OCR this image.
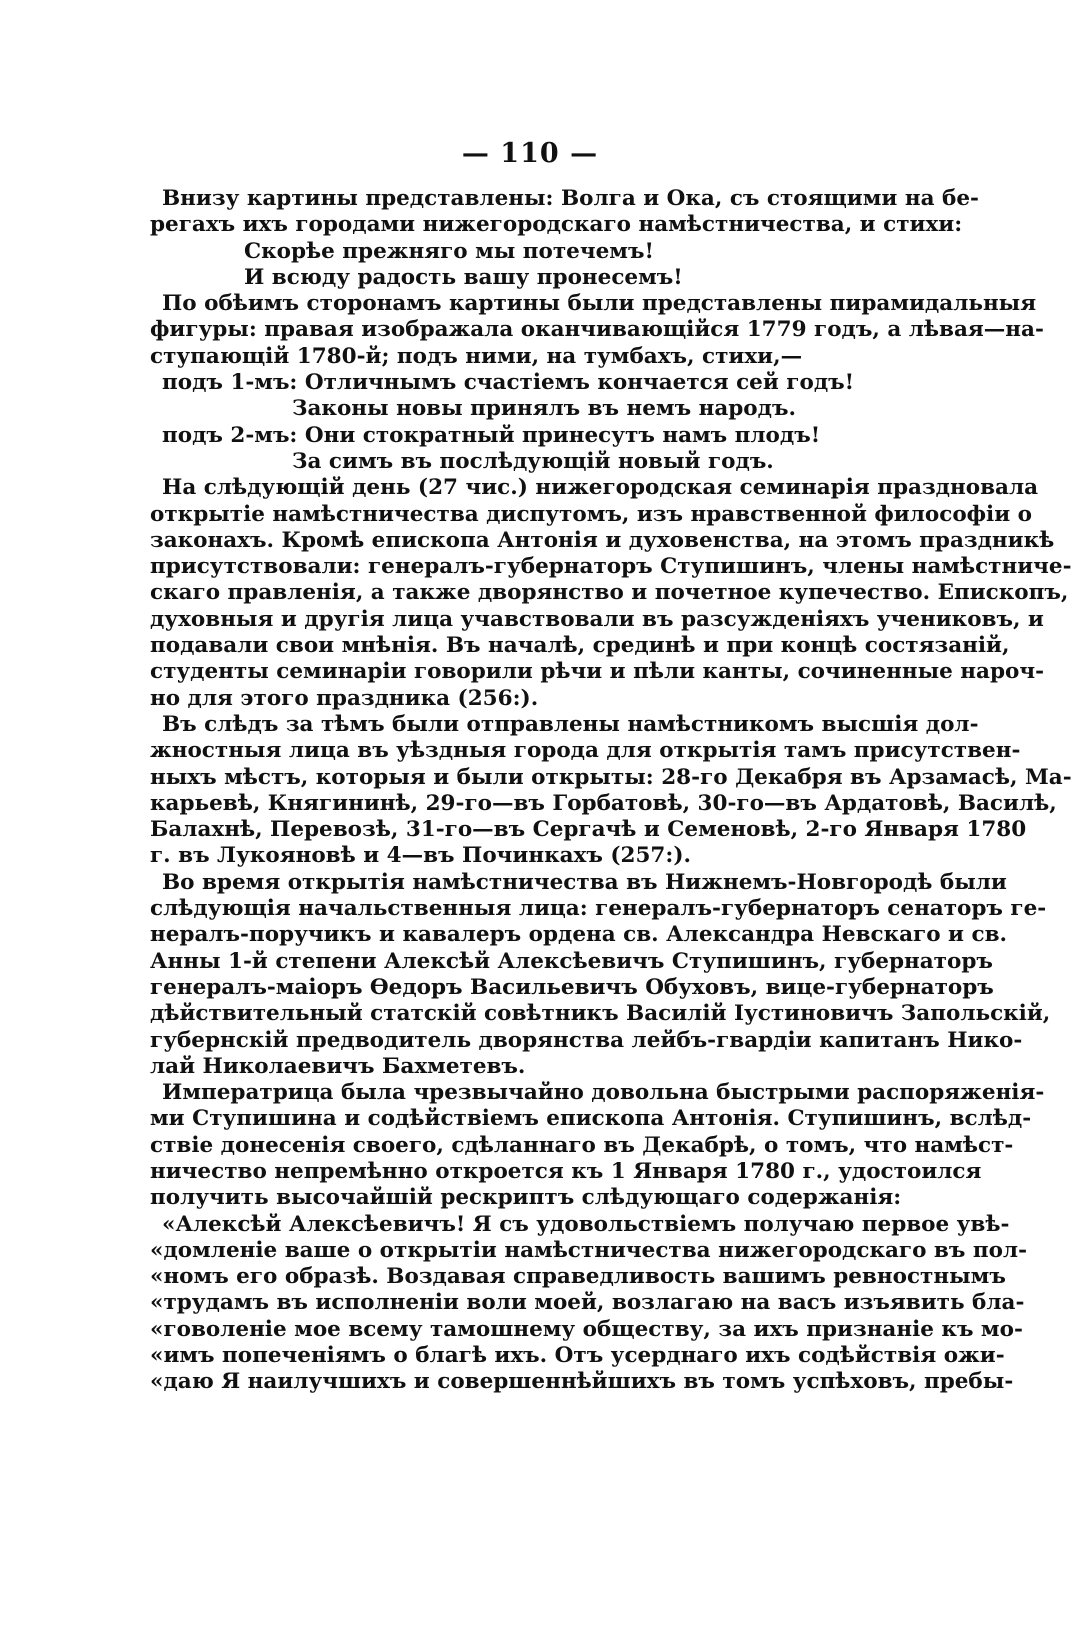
— 110 —
Внизу картины представлены: Волга и Ока, съ стоящими на бе-
регахъ ихъ городами нижегородскаго намѣстничества, и стихи:
Скорѣе прежняго мы потечемъ!
И всюду радость вашу пронесемъ!
По обѣимъ сторонамъ картины были представлены пирамидальныя
фигуры: правая изображала оканчивающійся 1779 годъ, а лѣвая—на-
ступающій 1780-й; подъ ними, на тумбахъ, стихи,—
подъ 1-мъ: Отличнымъ счастіемъ кончается сей годъ!
Законы новы принялъ въ немъ народъ.
подъ 2-мъ: Они стократный принесутъ намъ плодъ!
За симъ въ послѣдующій новый годъ.
На слѣдующій день (27 чис.) нижегородская семинарія праздновала
открытіе намѣстничества диспутомъ, изъ нравственной философіи о
законахъ. Кромѣ епископа Антонія и духовенства, на этомъ праздникѣ
присутствовали: генералъ-губернаторъ Ступишинъ, члены намѣстниче-
скаго правленія, а также дворянство и почетное купечество. Епископъ,
духовныя и другія лица учавствовали въ разсужденіяхъ учениковъ, и
подавали свои мнѣнія. Въ началѣ, срединѣ и при концѣ состязаній,
студенты семинаріи говорили рѣчи и пѣли канты, сочиненные нароч-
но для этого праздника (256:).
Въ слѣдъ за тѣмъ были отправлены намѣстникомъ высшія дол-
жностныя лица въ уѣздныя города для открытія тамъ присутствен-
ныхъ мѣстъ, которыя и были открыты: 28-го Декабря въ Арзамасѣ, Ма-
карьевѣ, Княгининѣ, 29-го—въ Горбатовѣ, 30-го—въ Ардатовѣ, Василѣ,
Балахнѣ, Перевозѣ, 31-го—въ Сергачѣ и Семеновѣ, 2-го Января 1780
г. въ Лукояновѣ и 4—въ Починкахъ (257:).
Во время открытія намѣстничества въ Нижнемъ-Новгородѣ были
слѣдующія начальственныя лица: генералъ-губернаторъ сенаторъ ге-
нералъ-поручикъ и кавалеръ ордена св. Александра Невскаго и св.
Анны 1-й степени Алексѣй Алексѣевичъ Ступишинъ, губернаторъ
генералъ-маіоръ Ѳедоръ Васильевичъ Обуховъ, вице-губернаторъ
дѣйствительный статскій совѣтникъ Василій Іустиновичъ Запольскій,
губернскій предводитель дворянства лейбъ-гвардіи капитанъ Нико-
лай Николаевичъ Бахметевъ.
Императрица была чрезвычайно довольна быстрыми распоряженія-
ми Ступишина и содѣйствіемъ епископа Антонія. Ступишинъ, вслѣд-
ствіе донесенія своего, сдѣланнаго въ Декабрѣ, о томъ, что намѣст-
ничество непремѣнно откроется къ 1 Января 1780 г., удостоился
получить высочайшій рескриптъ слѣдующаго содержанія:
«Алексѣй Алексѣевичъ! Я съ удовольствіемъ получаю первое увѣ-
«домленіе ваше о открытіи намѣстничества нижегородскаго въ пол-
«номъ его образѣ. Воздавая справедливость вашимъ ревностнымъ
«трудамъ въ исполненіи воли моей, возлагаю на васъ изъявить бла-
«говоленіе мое всему тамошнему обществу, за ихъ признаніе къ мо-
«имъ попеченіямъ о благѣ ихъ. Отъ усерднаго ихъ содѣйствія ожи-
«даю Я наилучшихъ и совершеннѣйшихъ въ томъ успѣховъ, пребы-
